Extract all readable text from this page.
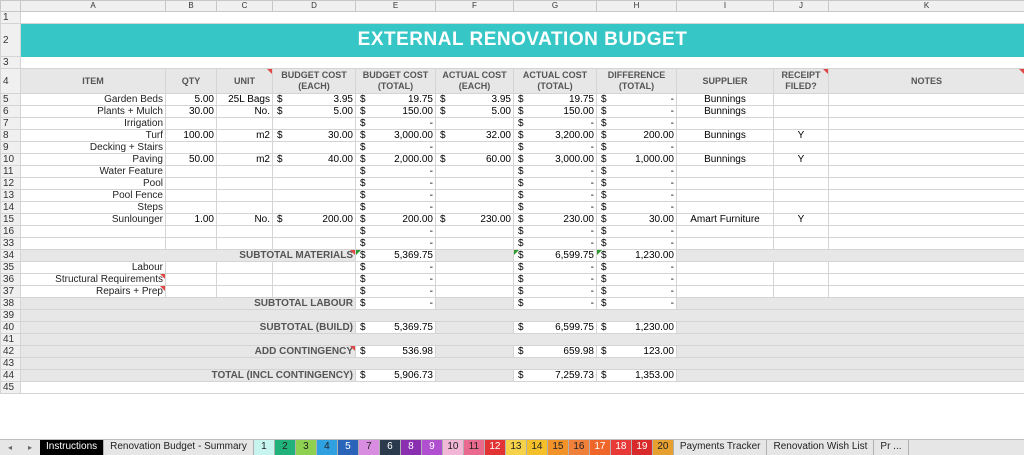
	A	B	C	D	E	F	G	H	I	J	K
1											
2	EXTERNAL RENOVATION BUDGET										
3											
4	ITEM	QTY	UNIT	BUDGET COST (EACH)	BUDGET COST (TOTAL)	ACTUAL COST (EACH)	ACTUAL COST (TOTAL)	DIFFERENCE (TOTAL)	SUPPLIER	RECEIPT FILED?	NOTES

5	Garden Beds	5.00	25L Bags	$ 3.95	$ 19.75	$ 3.95	$ 19.75	$ -	Bunnings		
6	Plants + Mulch	30.00	No.	$ 5.00	$ 150.00	$ 5.00	$ 150.00	$ -	Bunnings		
7	Irrigation				$ -		$ -	$ -			
8	Turf	100.00	m2	$ 30.00	$ 3,000.00	$ 32.00	$ 3,200.00	$ 200.00	Bunnings	Y	
9	Decking + Stairs				$ -		$ -	$ -			
10	Paving	50.00	m2	$ 40.00	$ 2,000.00	$ 60.00	$ 3,000.00	$ 1,000.00	Bunnings	Y	
11	Water Feature				$ -		$ -	$ -			
12	Pool				$ -		$ -	$ -			
13	Pool Fence				$ -		$ -	$ -			
14	Steps				$ -		$ -	$ -			
15	Sunlounger	1.00	No.	$ 200.00	$ 200.00	$ 230.00	$ 230.00	$ 30.00	Amart Furniture	Y	
16					$ -		$ -	$ -			
33					$ -		$ -	$ -			
34	SUBTOTAL MATERIALS				$ 5,369.75		$ 6,599.75	$ 1,230.00		

35	Labour				$ -		$ -	$ -			
36	Structural Requirements				$ -		$ -	$ -			
37	Repairs + Prep				$ -		$ -	$ -			
38	SUBTOTAL LABOUR				$ -		$ -	$ -			
39											
40	SUBTOTAL (BUILD)				$ 5,369.75		$ 6,599.75	$ 1,230.00			
41											
42	ADD CONTINGENCY				$ 536.98		$ 659.98	$ 123.00			
43											
44	TOTAL (INCL CONTINGENCY)				$ 5,906.73		$ 7,259.73	$ 1,353.00			
45											
◂	▸	Instructions	Renovation Budget - Summary	1	2	3	4	5	7	6	8	9	10	11	12 13 14 15 16 17 18 19 20	Payments Tracker	Renovation Wish List	Pr ...
